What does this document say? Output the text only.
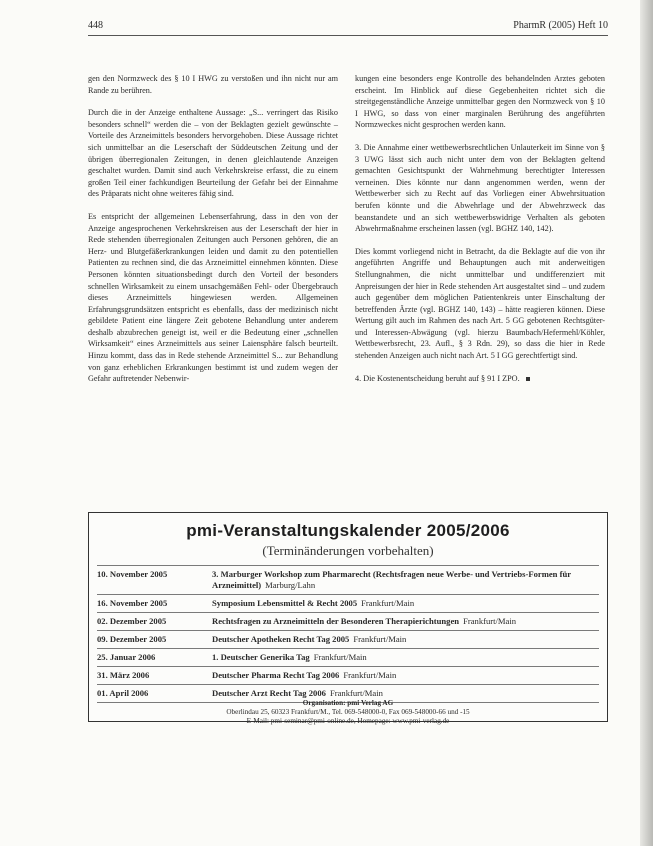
448	PharmR (2005) Heft 10

gen den Normzweck des § 10 I HWG zu verstoßen und ihn nicht nur am Rande zu berühren.

Durch die in der Anzeige enthaltene Aussage: „S... verringert das Risiko besonders schnell“ werden die – von der Beklagten gezielt gewünschte – Vorteile des Arzneimittels besonders hervorgehoben. Diese Aussage richtet sich unmittelbar an die Leserschaft der Süddeutschen Zeitung und der übrigen überregionalen Zeitungen, in denen gleichlautende Anzeigen geschaltet wurden. Damit sind auch Verkehrskreise erfasst, die zu einem großen Teil einer fachkundigen Beurteilung der Gefahr bei der Einnahme des Präparats nicht ohne weiteres fähig sind.

Es entspricht der allgemeinen Lebenserfahrung, dass in den von der Anzeige angesprochenen Verkehrskreisen aus der Leserschaft der hier in Rede stehenden überregionalen Zeitungen auch Personen gehören, die an Herz- und Blutgefäßerkrankungen leiden und damit zu den potentiellen Patienten zu rechnen sind, die das Arzneimittel einnehmen könnten. Diese Personen könnten situationsbedingt durch den Vorteil der besonders schnellen Wirksamkeit zu einem unsachgemäßen Fehl- oder Übergebrauch dieses Arzneimittels hingewiesen werden. Allgemeinen Erfahrungsgrundsätzen entspricht es ebenfalls, dass der medizinisch nicht gebildete Patient eine längere Zeit gebotene Behandlung unter anderem deshalb abzubrechen geneigt ist, weil er die Bedeutung einer „schnellen Wirksamkeit“ eines Arzneimittels aus seiner Laiensphäre falsch beurteilt. Hinzu kommt, dass das in Rede stehende Arzneimittel S... zur Behandlung von ganz erheblichen Erkrankungen bestimmt ist und zudem wegen der Gefahr auftretender Nebenwir-

kungen eine besonders enge Kontrolle des behandelnden Arztes geboten erscheint. Im Hinblick auf diese Gegebenheiten richtet sich die streitgegenständliche Anzeige unmittelbar gegen den Normzweck von § 10 I HWG, so dass von einer marginalen Berührung des angeführten Normzweckes nicht gesprochen werden kann.

3. Die Annahme einer wettbewerbsrechtlichen Unlauterkeit im Sinne von § 3 UWG lässt sich auch nicht unter dem von der Beklagten geltend gemachten Gesichtspunkt der Wahrnehmung berechtigter Interessen verneinen. Dies könnte nur dann angenommen werden, wenn der Wettbewerber sich zu Recht auf das Vorliegen einer Abwehrsituation berufen könnte und die Abwehrlage und der Abwehrzweck das beanstandete und an sich wettbewerbswidrige Verhalten als geboten Abwehrmaßnahme erscheinen lassen (vgl. BGHZ 140, 142).

Dies kommt vorliegend nicht in Betracht, da die Beklagte auf die von ihr angeführten Angriffe und Behauptungen auch mit anderweitigen Stellungnahmen, die nicht unmittelbar und undifferenziert mit Anpreisungen der hier in Rede stehenden Art ausgestaltet sind – und zudem auch gegenüber dem möglichen Patientenkreis unter Einschaltung der betreffenden Ärzte (vgl. BGHZ 140, 143) – hätte reagieren können. Diese Wertung gilt auch im Rahmen des nach Art. 5 GG gebotenen Rechtsgüter- und Interessen-Abwägung (vgl. hierzu Baumbach/Hefermehl/Köhler, Wettbewerbsrecht, 23. Aufl., § 3 Rdn. 29), so dass die hier in Rede stehenden Anzeigen auch nicht nach Art. 5 I GG gerechtfertigt sind.

4. Die Kostenentscheidung beruht auf § 91 I ZPO.

pmi-Veranstaltungskalender 2005/2006
(Terminänderungen vorbehalten)
10. November 2005	3. Marburger Workshop zum Pharmarecht (Rechtsfragen neue Werbe- und Vertriebs-Formen für Arzneimittel) Marburg/Lahn
16. November 2005	Symposium Lebensmittel & Recht 2005 Frankfurt/Main
02. Dezember 2005	Rechtsfragen zu Arzneimitteln der Besonderen Therapierichtungen Frankfurt/Main
09. Dezember 2005	Deutscher Apotheken Recht Tag 2005 Frankfurt/Main
25. Januar 2006	1. Deutscher Generika Tag Frankfurt/Main
31. März 2006	Deutscher Pharma Recht Tag 2006 Frankfurt/Main
01. April 2006	Deutscher Arzt Recht Tag 2006 Frankfurt/Main
Organisation: pmi Verlag AG
Oberlindau 25, 60323 Frankfurt/M., Tel. 069-548000-0, Fax 069-548000-66 und -15
E-Mail: pmi-seminar@pmi-online.de, Homepage: www.pmi-verlag.de
